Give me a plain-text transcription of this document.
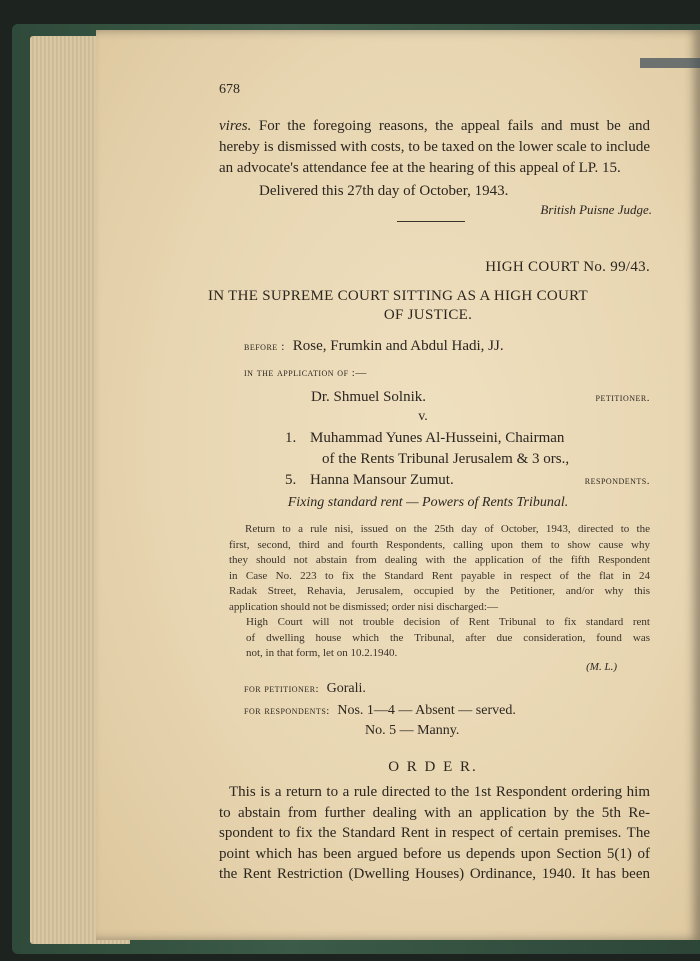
678
vires. For the foregoing reasons, the appeal fails and must be and
hereby is dismissed with costs, to be taxed on the lower scale to include
an advocate's attendance fee at the hearing of this appeal of LP. 15.
Delivered this 27th day of October, 1943.
British Puisne Judge.
HIGH COURT No. 99/43.
IN THE SUPREME COURT SITTING AS A HIGH COURT
OF JUSTICE.
before : Rose, Frumkin and Abdul Hadi, JJ.
in the application of :—
Dr. Shmuel Solnik.	petitioner.
v.
1. Muhammad Yunes Al-Husseini, Chairman
of the Rents Tribunal Jerusalem & 3 ors.,
5. Hanna Mansour Zumut.	respondents.
Fixing standard rent — Powers of Rents Tribunal.
Return to a rule nisi, issued on the 25th day of October, 1943, directed to the
first, second, third and fourth Respondents, calling upon them to show cause why
they should not abstain from dealing with the application of the fifth Respondent
in Case No. 223 to fix the Standard Rent payable in respect of the flat in 24
Radak Street, Rehavia, Jerusalem, occupied by the Petitioner, and/or why this
application should not be dismissed; order nisi discharged:—
High Court will not trouble decision of Rent Tribunal to fix standard rent
of dwelling house which the Tribunal, after due consideration, found was
not, in that form, let on 10.2.1940.
(M. L.)
for petitioner: Gorali.
for respondents: Nos. 1—4 — Absent — served.
No. 5 — Manny.
O R D E R.
This is a return to a rule directed to the 1st Respondent ordering him
to abstain from further dealing with an application by the 5th Re-
spondent to fix the Standard Rent in respect of certain premises. The
point which has been argued before us depends upon Section 5(1) of
the Rent Restriction (Dwelling Houses) Ordinance, 1940. It has been
